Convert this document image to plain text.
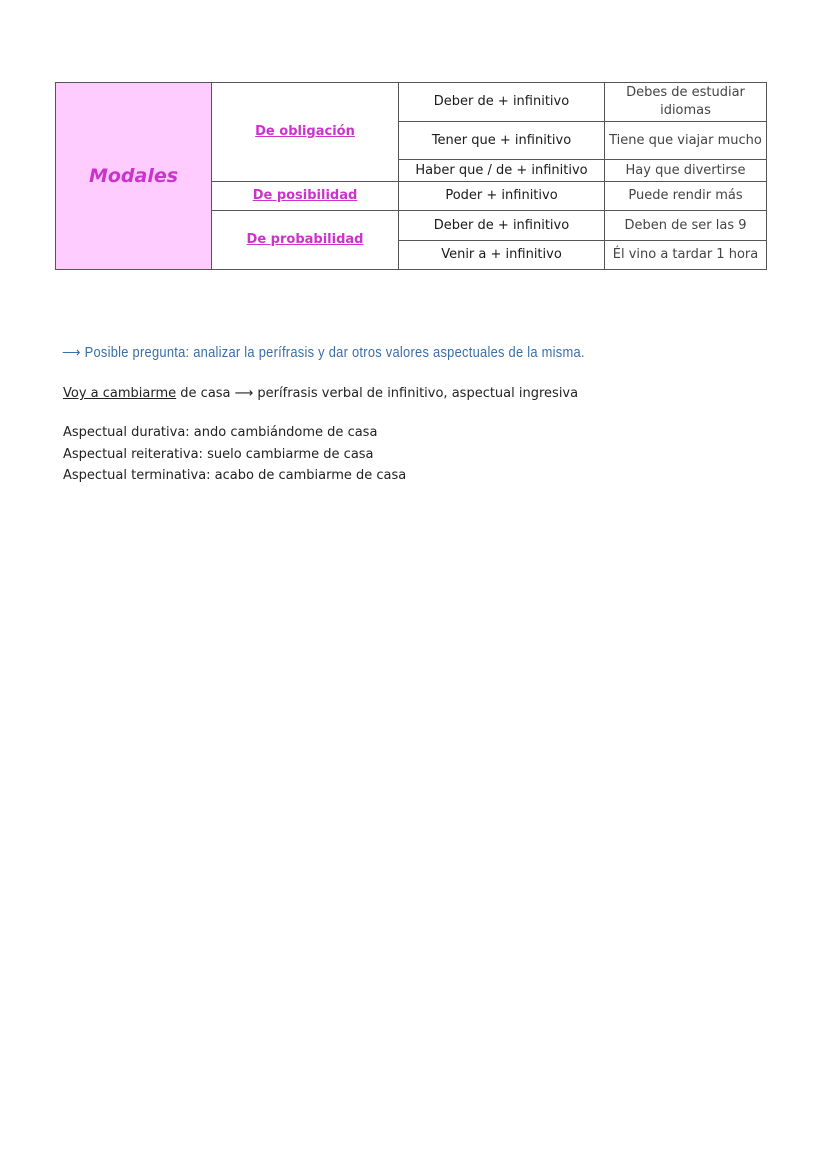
Modales	De obligación	Deber de + infinitivo	Debes de estudiar idiomas
		Tener que + infinitivo	Tiene que viajar mucho
		Haber que / de + infinitivo	Hay que divertirse
	De posibilidad	Poder + infinitivo	Puede rendir más
	De probabilidad	Deber de + infinitivo	Deben de ser las 9
		Venir a + infinitivo	Él vino a tardar 1 hora
⟶ Posible pregunta: analizar la perífrasis y dar otros valores aspectuales de la misma.
Voy a cambiarme de casa ⟶ perífrasis verbal de infinitivo, aspectual ingresiva
Aspectual durativa: ando cambiándome de casa
Aspectual reiterativa: suelo cambiarme de casa
Aspectual terminativa: acabo de cambiarme de casa
